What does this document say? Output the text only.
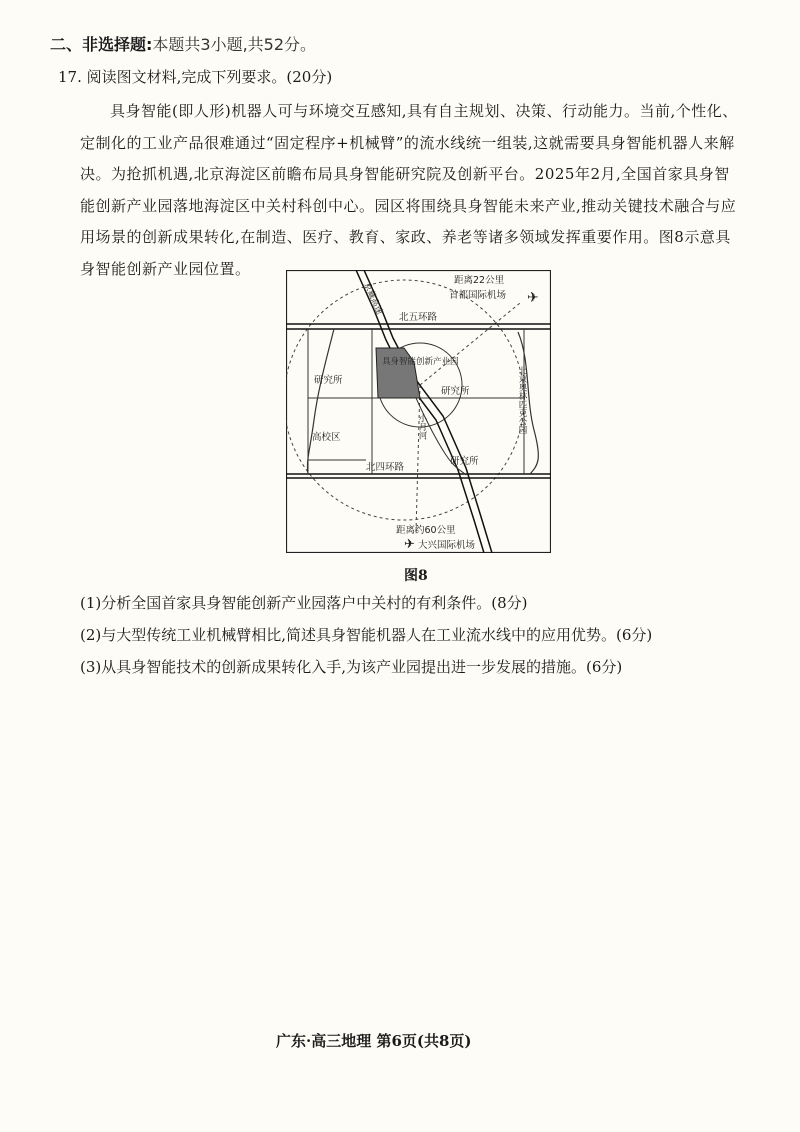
二、非选择题:本题共3小题,共52分。
17. 阅读图文材料,完成下列要求。(20分)
具身智能(即人形)机器人可与环境交互感知,具有自主规划、决策、行动能力。当前,个性化、定制化的工业产品很难通过“固定程序+机械臂”的流水线统一组装,这就需要具身智能机器人来解决。为抢抓机遇,北京海淀区前瞻布局具身智能研究院及创新平台。2025年2月,全国首家具身智能创新产业园落地海淀区中关村科创中心。园区将围绕具身智能未来产业,推动关键技术融合与应用场景的创新成果转化,在制造、医疗、教育、家政、养老等诸多领域发挥重要作用。图8示意具身智能创新产业园位置。
✈
✈
距离22公里
首都国际机场
京藏高速
北五环路
研究所
具身智能创新产业园
研究所	北京奥林匹克公园
高校区	小月河
北四环路
研究所
距离约60公里
大兴国际机场
图8
(1)分析全国首家具身智能创新产业园落户中关村的有利条件。(8分)
(2)与大型传统工业机械臂相比,简述具身智能机器人在工业流水线中的应用优势。(6分)
(3)从具身智能技术的创新成果转化入手,为该产业园提出进一步发展的措施。(6分)
广东·高三地理 第6页(共8页)
